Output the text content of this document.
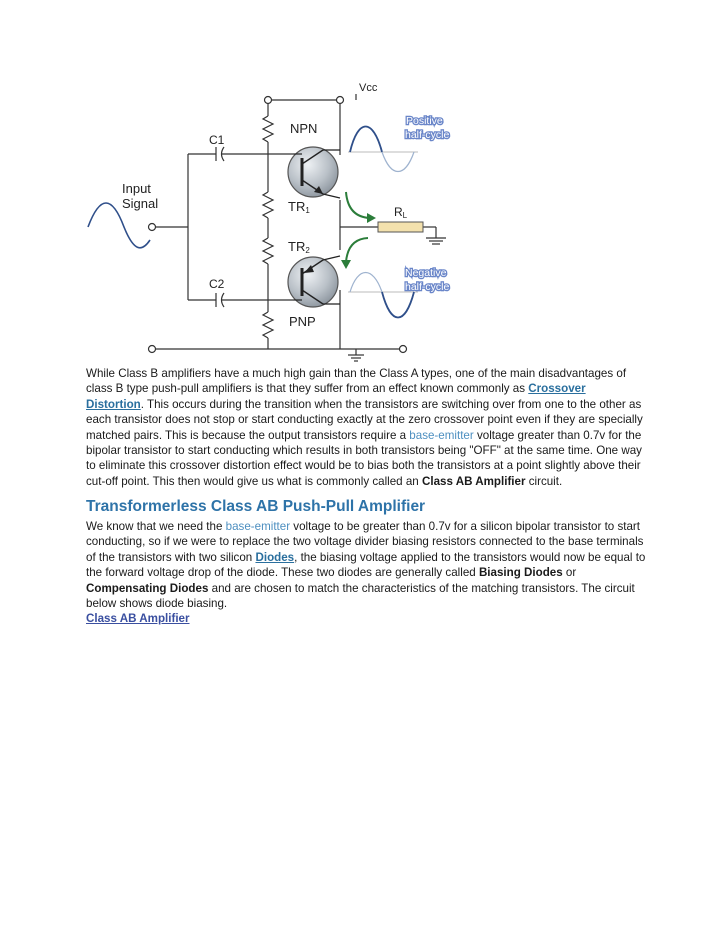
Vcc
NPN
PNP
C1
C2
Input
Signal	TR1
TR2
RL
Positive
half-cycle
Negative
half-cycle
While Class B amplifiers have a much high gain than the Class A types, one of the main disadvantages of class B type push-pull amplifiers is that they suffer from an effect known commonly as Crossover Distortion. This occurs during the transition when the transistors are switching over from one to the other as each transistor does not stop or start conducting exactly at the zero crossover point even if they are specially matched pairs. This is because the output transistors require a base-emitter voltage greater than 0.7v for the bipolar transistor to start conducting which results in both transistors being "OFF" at the same time. One way to eliminate this crossover distortion effect would be to bias both the transistors at a point slightly above their cut-off point. This then would give us what is commonly called an Class AB Amplifier circuit.
Transformerless Class AB Push-Pull Amplifier
We know that we need the base-emitter voltage to be greater than 0.7v for a silicon bipolar transistor to start conducting, so if we were to replace the two voltage divider biasing resistors connected to the base terminals of the transistors with two silicon Diodes, the biasing voltage applied to the transistors would now be equal to the forward voltage drop of the diode. These two diodes are generally called Biasing Diodes or Compensating Diodes and are chosen to match the characteristics of the matching transistors. The circuit below shows diode biasing.
Class AB Amplifier
